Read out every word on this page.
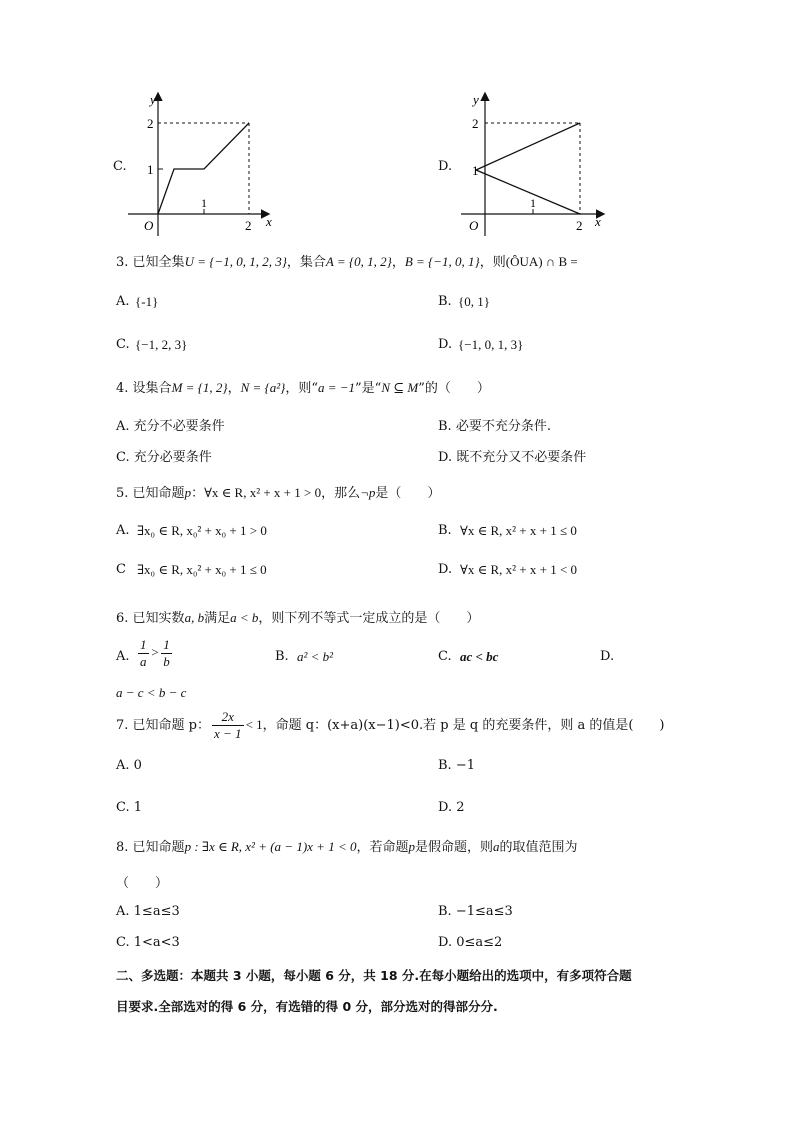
C.
y
x
O
1
2
1
2
D.
y
x
O
1
2
1
2
3. 已知全集U = {−1, 0, 1, 2, 3}，集合A = {0, 1, 2}，B = {−1, 0, 1}，则(ȎUA) ∩ B =
A. {-1}	B. {0, 1}
C. {−1, 2, 3}	D. {−1, 0, 1, 3}
4. 设集合M = {1, 2}，N = {a²}，则“a = −1”是“N ⊆ M”的（　　）
A. 充分不必要条件	B. 必要不充分条件.
C. 充分必要条件	D. 既不充分又不必要条件
5. 已知命题p：∀x ∈ R, x² + x + 1 > 0，那么¬p是（　　）
A. ∃x₀ ∈ R, x₀² + x₀ + 1 > 0	B. ∀x ∈ R, x² + x + 1 ≤ 0
C ∃x₀ ∈ R, x₀² + x₀ + 1 ≤ 0	D. ∀x ∈ R, x² + x + 1 < 0
6. 已知实数a, b满足a < b，则下列不等式一定成立的是（　　）
A. $\frac{1}{a} > \frac{1}{b}$	B. a² < b²	C. ac < bc	D.
a − c < b − c
7. 已知命题 p： $\frac{2x}{x - 1} < 1$，命题 q：(x+a)(x−1)<0.若 p 是 q 的充要条件，则 a 的值是(　　)
A. 0	B. −1
C. 1	D. 2
8. 已知命题p : ∃x ∈ R, x² + (a − 1)x + 1 < 0，若命题p是假命题，则a的取值范围为
（　　）
A. 1≤a≤3	B. −1≤a≤3
C. 1<a<3	D. 0≤a≤2
二、多选题：本题共 3 小题，每小题 6 分，共 18 分.在每小题给出的选项中，有多项符合题
目要求.全部选对的得 6 分，有选错的得 0 分，部分选对的得部分分.
